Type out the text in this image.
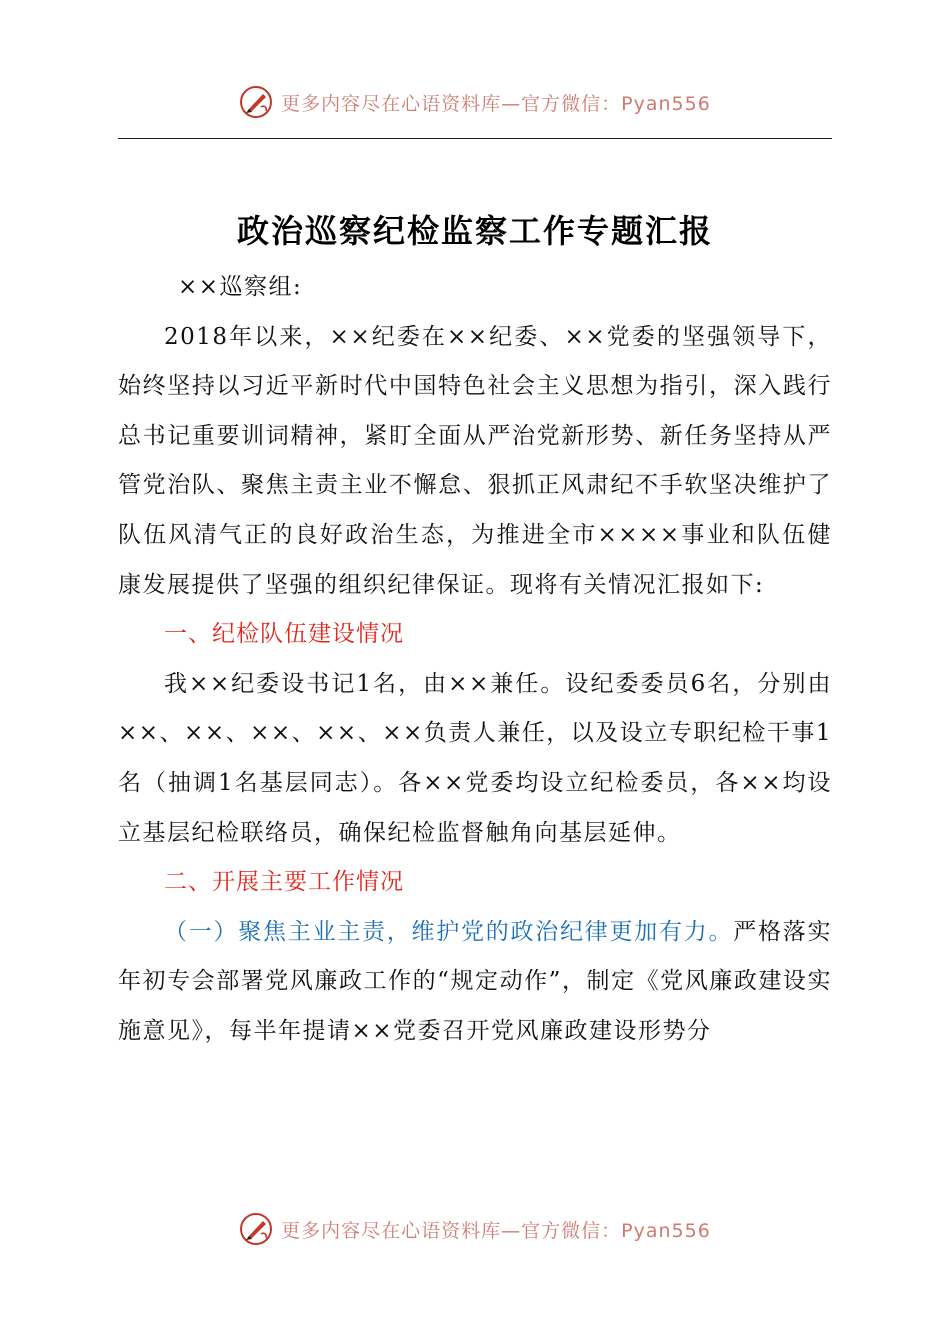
更多内容尽在心语资料库—官方微信：Pyan556
政治巡察纪检监察工作专题汇报

××巡察组:

2018年以来，××纪委在××纪委、××党委的坚强领导下，始终坚持以习近平新时代中国特色社会主义思想为指引，深入践行总书记重要训词精神，紧盯全面从严治党新形势、新任务坚持从严管党治队、聚焦主责主业不懈怠、狠抓正风肃纪不手软坚决维护了队伍风清气正的良好政治生态，为推进全市××××事业和队伍健康发展提供了坚强的组织纪律保证。现将有关情况汇报如下:

一、纪检队伍建设情况

我××纪委设书记1名，由××兼任。设纪委委员6名，分别由××、××、××、××、××负责人兼任，以及设立专职纪检干事1名（抽调1名基层同志）。各××党委均设立纪检委员，各××均设立基层纪检联络员，确保纪检监督触角向基层延伸。

二、开展主要工作情况

（一）聚焦主业主责，维护党的政治纪律更加有力。严格落实年初专会部署党风廉政工作的“规定动作”，制定《党风廉政建设实施意见》，每半年提请××党委召开党风廉政建设形势分

更多内容尽在心语资料库—官方微信：Pyan556
